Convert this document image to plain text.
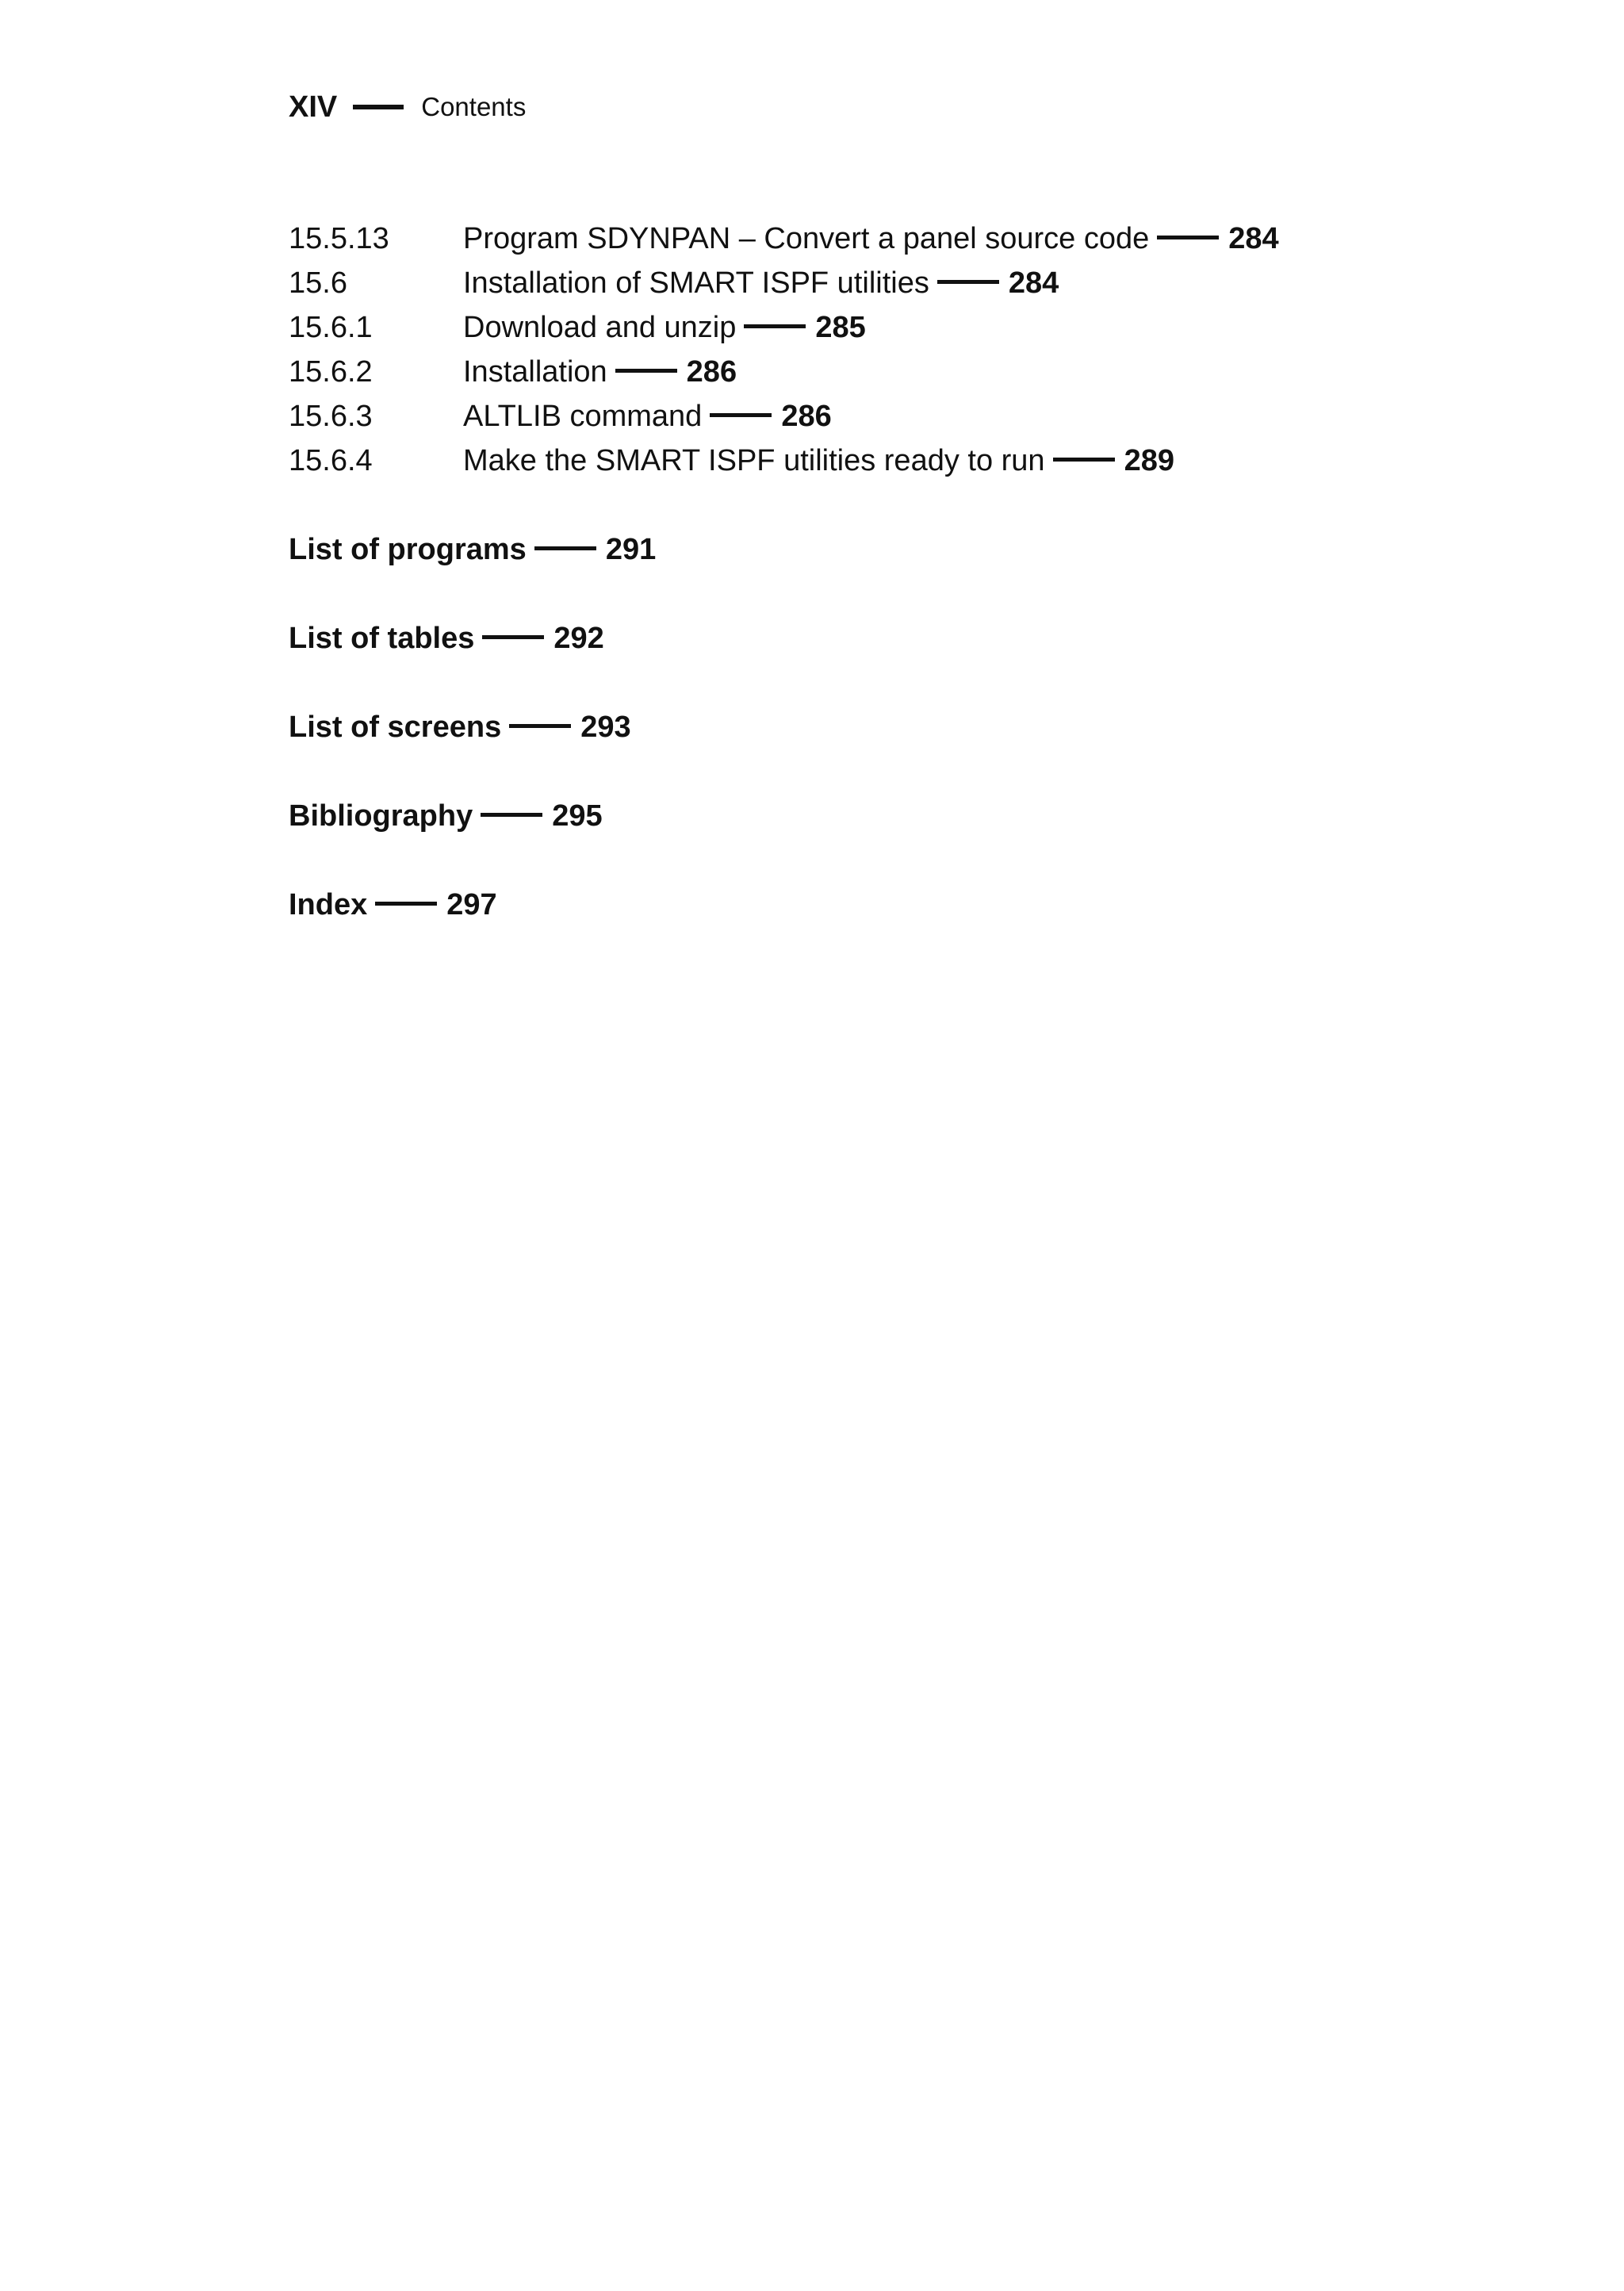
XIV	Contents
15.5.13	Program SDYNPAN – Convert a panel source code	284
15.6	Installation of SMART ISPF utilities	284
15.6.1	Download and unzip	285
15.6.2	Installation	286
15.6.3	ALTLIB command	286
15.6.4	Make the SMART ISPF utilities ready to run	289
List of programs	291
List of tables	292
List of screens	293
Bibliography	295
Index	297
